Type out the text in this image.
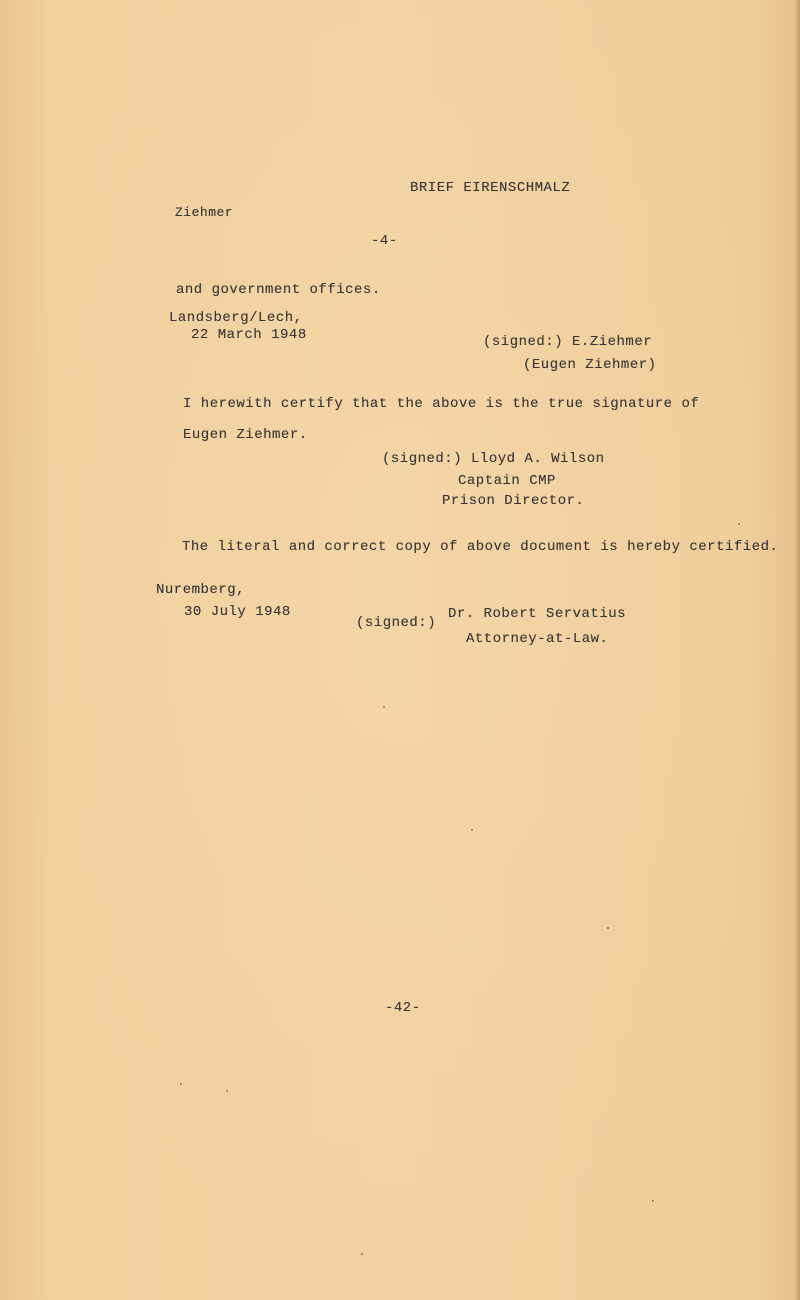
BRIEF EIRENSCHMALZ
Ziehmer
-4-
and government offices.
Landsberg/Lech,
22 March 1948	(signed:) E.Ziehmer
(Eugen Ziehmer)
I herewith certify that the above is the true signature of
Eugen Ziehmer.
(signed:) Lloyd A. Wilson
Captain CMP
Prison Director.
The literal and correct copy of above document is hereby certified.
Nuremberg,
30 July 1948
(signed:)
Dr. Robert Servatius
Attorney-at-Law.
-42-
